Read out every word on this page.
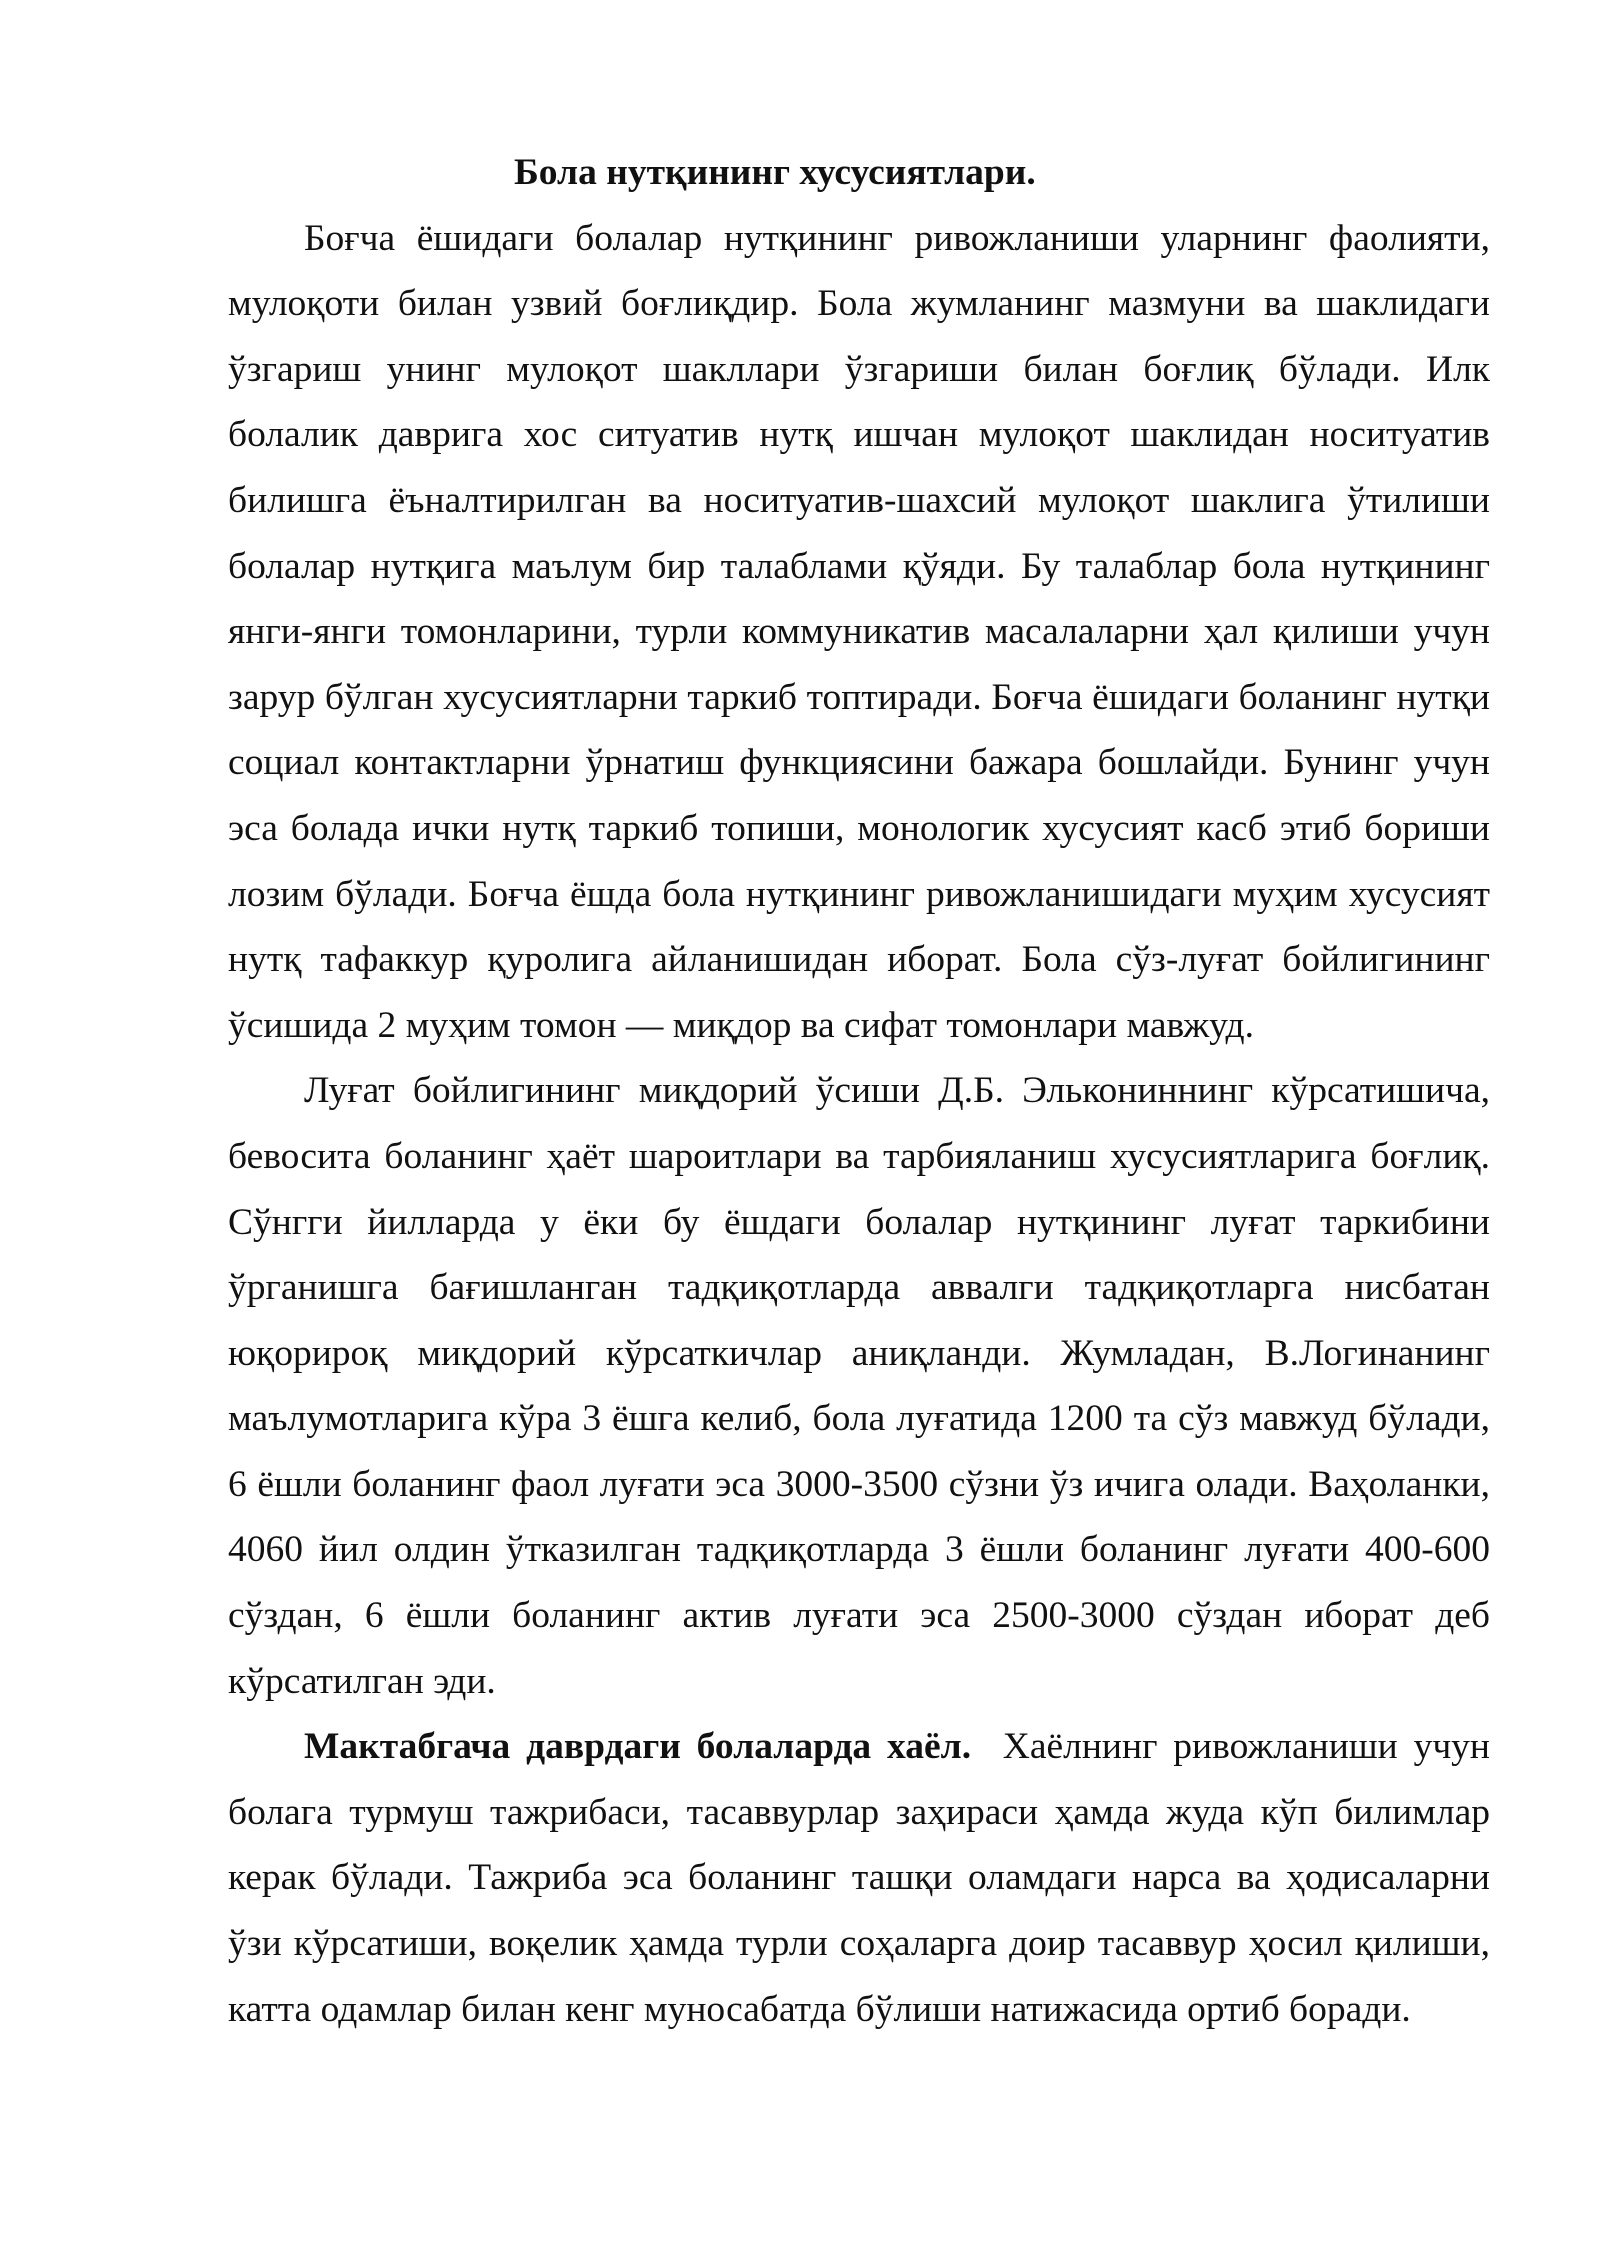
Бола нутқининг хусусиятлари.

Боғча ёшидаги болалар нутқининг ривожланиши уларнинг фаолияти, мулоқоти билан узвий боғлиқдир. Бола жумланинг мазмуни ва шаклидаги ўзгариш унинг мулоқот шакллари ўзгариши билан боғлиқ бўлади. Илк болалик даврига хос ситуатив нутқ ишчан мулоқот шаклидан носитуатив билишга ёъналтирилган ва носитуатив-шахсий мулоқот шаклига ўтилиши болалар нутқига маълум бир талаблами қўяди. Бу талаблар бола нутқининг янги-янги томонларини, турли коммуникатив масалаларни ҳал қилиши учун зарур бўлган хусусиятларни таркиб топтиради. Боғча ёшидаги боланинг нутқи социал контактларни ўрнатиш функциясини бажара бошлайди. Бунинг учун эса болада ички нутқ таркиб топиши, монологик хусусият касб этиб бориши лозим бўлади. Боғча ёшда бола нутқининг ривожланишидаги муҳим хусусият нутқ тафаккур қуролига айланишидан иборат. Бола сўз-луғат бойлигининг ўсишида 2 муҳим томон — миқдор ва сифат томонлари мавжуд.

Луғат бойлигининг миқдорий ўсиши Д.Б. Элькониннинг кўрсатишича, бевосита боланинг ҳаёт шароитлари ва тарбияланиш хусусиятларига боғлиқ. Сўнгги йилларда у ёки бу ёшдаги болалар нутқининг луғат таркибини ўрганишга бағишланган тадқиқотларда аввалги тадқиқотларга нисбатан юқорироқ миқдорий кўрсаткичлар аниқланди. Жумладан, В.Логинанинг маълумотларига кўра 3 ёшга келиб, бола луғатида 1200 та сўз мавжуд бўлади, 6 ёшли боланинг фаол луғати эса 3000-3500 сўзни ўз ичига олади. Ваҳоланки, 4060 йил олдин ўтказилган тадқиқотларда 3 ёшли боланинг луғати 400-600 сўздан, 6 ёшли боланинг актив луғати эса 2500-3000 сўздан иборат деб кўрсатилган эди.

Мактабгача даврдаги болаларда хаёл. Хаёлнинг ривожланиши учун болага турмуш тажрибаси, тасаввурлар заҳираси ҳамда жуда кўп билимлар керак бўлади. Тажриба эса боланинг ташқи оламдаги нарса ва ҳодисаларни ўзи кўрсатиши, воқелик ҳамда турли соҳаларга доир тасаввур ҳосил қилиши, катта одамлар билан кенг муносабатда бўлиши натижасида ортиб боради.
